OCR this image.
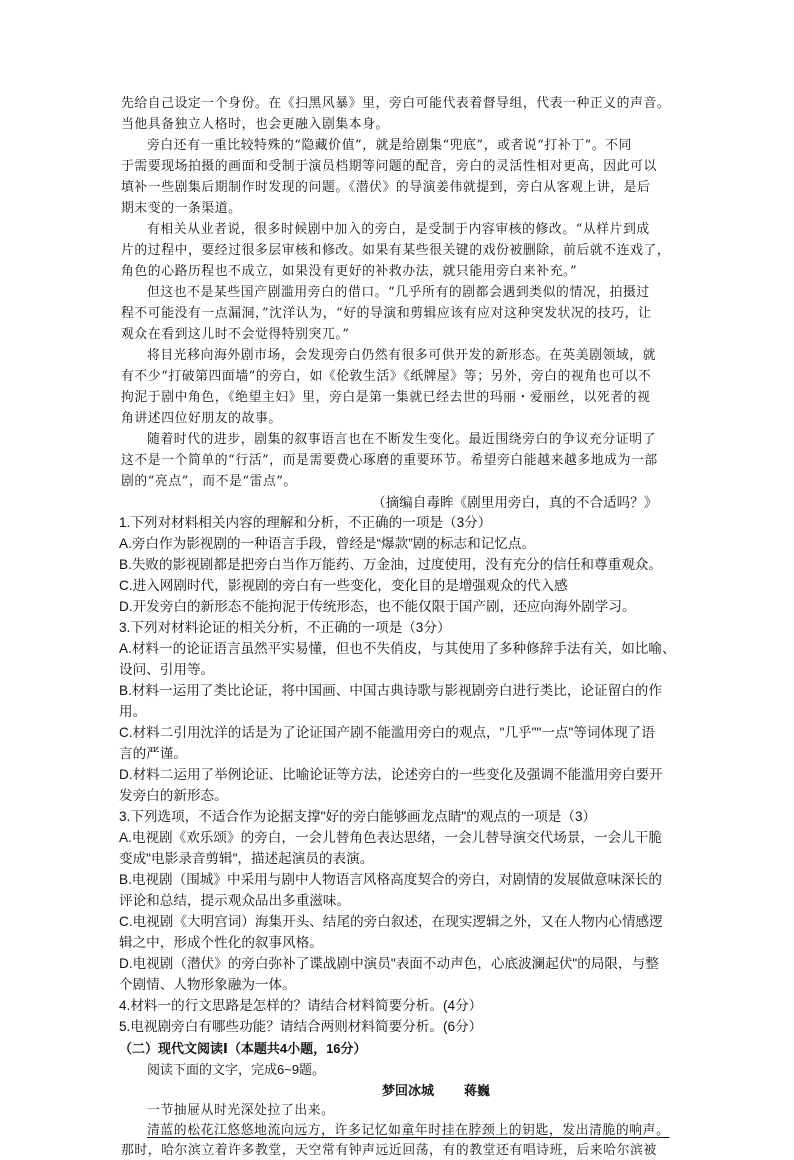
先给自己设定一个身份。在《扫黑风暴》里，旁白可能代表着督导组，代表一种正义的声音。
当他具备独立人格时，也会更融入剧集本身。
旁白还有一重比较特殊的“隐藏价值”，就是给剧集“兜底”，或者说“打补丁”。不同
于需要现场拍摄的画面和受制于演员档期等问题的配音，旁白的灵活性相对更高，因此可以
填补一些剧集后期制作时发现的问题。《潜伏》的导演姜伟就提到，旁白从客观上讲，是后
期末变的一条渠道。
有相关从业者说，很多时候剧中加入的旁白，是受制于内容审核的修改。“从样片到成
片的过程中，要经过很多层审核和修改。如果有某些很关键的戏份被删除，前后就不连戏了，
角色的心路历程也不成立，如果没有更好的补救办法，就只能用旁白来补充。”
但这也不是某些国产剧滥用旁白的借口。“几乎所有的剧都会遇到类似的情况，拍摄过
程不可能没有一点漏洞，”沈洋认为，“好的导演和剪辑应该有应对这种突发状况的技巧，让
观众在看到这儿时不会觉得特别突兀。”
将目光移向海外剧市场，会发现旁白仍然有很多可供开发的新形态。在英美剧领域，就
有不少“打破第四面墙”的旁白，如《伦敦生活》《纸牌屋》等；另外，旁白的视角也可以不
拘泥于剧中角色，《绝望主妇》里，旁白是第一集就已经去世的玛丽・爱丽丝，以死者的视
角讲述四位好朋友的故事。
随着时代的进步，剧集的叙事语言也在不断发生变化。最近围绕旁白的争议充分证明了
这不是一个简单的“行活”，而是需要费心琢磨的重要环节。希望旁白能越来越多地成为一部
剧的“亮点”，而不是“雷点”。
（摘编自毒眸《剧里用旁白，真的不合适吗？》
1.下列对材料相关内容的理解和分析，不正确的一项是（3分）
A.旁白作为影视剧的一种语言手段，曾经是“爆款”剧的标志和记忆点。
B.失败的影视剧都是把旁白当作万能药、万金油，过度使用，没有充分的信任和尊重观众。
C.进入网剧时代，影视剧的旁白有一些变化，变化目的是增强观众的代入感
D.开发旁白的新形态不能拘泥于传统形态，也不能仅限于国产剧，还应向海外剧学习。
3.下列对材料论证的相关分析，不正确的一项是（3分）
A.材料一的论证语言虽然平实易懂，但也不失俏皮，与其使用了多种修辞手法有关，如比喻、
设问、引用等。
B.材料一运用了类比论证，将中国画、中国古典诗歌与影视剧旁白进行类比，论证留白的作
用。
C.材料二引用沈洋的话是为了论证国产剧不能滥用旁白的观点，"几乎""一点"等词体现了语
言的严谨。
D.材料二运用了举例论证、比喻论证等方法，论述旁白的一些变化及强调不能滥用旁白要开
发旁白的新形态。
3.下列选项，不适合作为论据支撑"好的旁白能够画龙点睛"的观点的一项是（3）
A.电视剧《欢乐颂》的旁白，一会儿替角色表达思绪，一会儿替导演交代场景，一会儿干脆
变成"电影录音剪辑"，描述起演员的表演。
B.电视剧（围城》中采用与剧中人物语言风格高度契合的旁白，对剧情的发展做意味深长的
评论和总结，提示观众品出多重滋味。
C.电视剧《大明宫词）海集开头、结尾的旁白叙述，在现实逻辑之外，又在人物内心情感逻
辑之中，形成个性化的叙事风格。
D.电视剧（潜伏》的旁白弥补了谍战剧中演员"表面不动声色，心底波澜起伏"的局限，与整
个剧情、人物形象融为一体。
4.材料一的行文思路是怎样的？请结合材料简要分析。(4分）
5.电视剧旁白有哪些功能？请结合两则材料简要分析。(6分）
（二）现代文阅读Ⅰ（本题共4小题，16分）
阅读下面的文字，完成6~9题。
梦回冰城 蒋巍
一节抽屉从时光深处拉了出来。
清蓝的松花江悠悠地流向远方，许多记忆如童年时挂在脖颈上的钥匙，发出清脆的响声。
那时，哈尔滨立着许多教堂，天空常有钟声远近回荡，有的教堂还有唱诗班，后来哈尔滨被
